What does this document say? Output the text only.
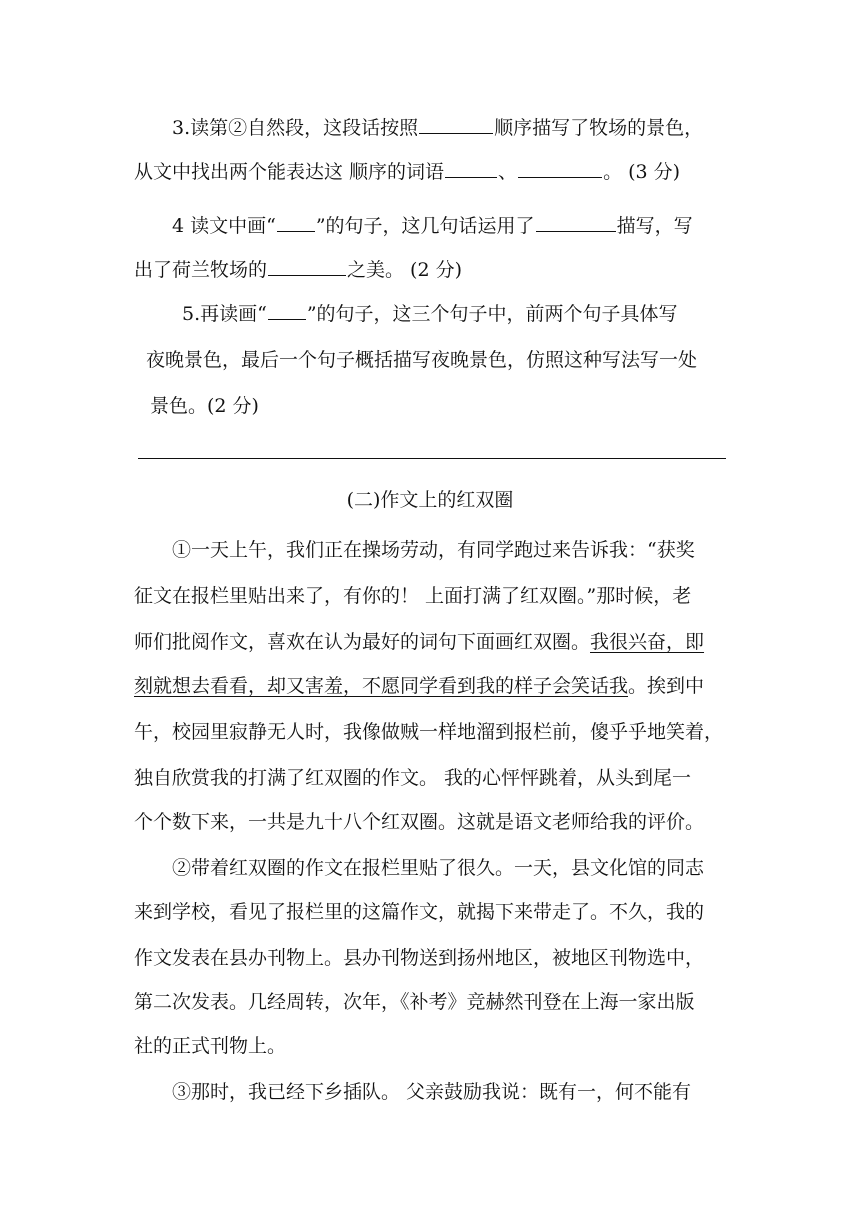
3.读第②自然段，这段话按照	顺序描写了牧场的景色，
从文中找出两个能表达这 顺序的词语	、	。 (3 分)
4 读文中画“ ”的句子，这几句话运用了	描写，写
出了荷兰牧场的	之美。 (2 分)
5.再读画“ ”的句子，这三个句子中，前两个句子具体写
夜晚景色，最后一个句子概括描写夜晚景色，仿照这种写法写一处
景色。(2 分)
(二)作文上的红双圈
①一天上午，我们正在操场劳动，有同学跑过来告诉我：“获奖
征文在报栏里贴出来了，有你的！ 上面打满了红双圈。”那时候，老
师们批阅作文，喜欢在认为最好的词句下面画红双圈。我很兴奋，即
刻就想去看看，却又害羞，不愿同学看到我的样子会笑话我。挨到中
午，校园里寂静无人时，我像做贼一样地溜到报栏前，傻乎乎地笑着，
独自欣赏我的打满了红双圈的作文。 我的心怦怦跳着，从头到尾一
个个数下来，一共是九十八个红双圈。这就是语文老师给我的评价。
②带着红双圈的作文在报栏里贴了很久。一天，县文化馆的同志
来到学校，看见了报栏里的这篇作文，就揭下来带走了。不久，我的
作文发表在县办刊物上。县办刊物送到扬州地区，被地区刊物选中，
第二次发表。几经周转，次年，《补考》竞赫然刊登在上海一家出版
社的正式刊物上。
③那时，我已经下乡插队。 父亲鼓励我说：既有一，何不能有
